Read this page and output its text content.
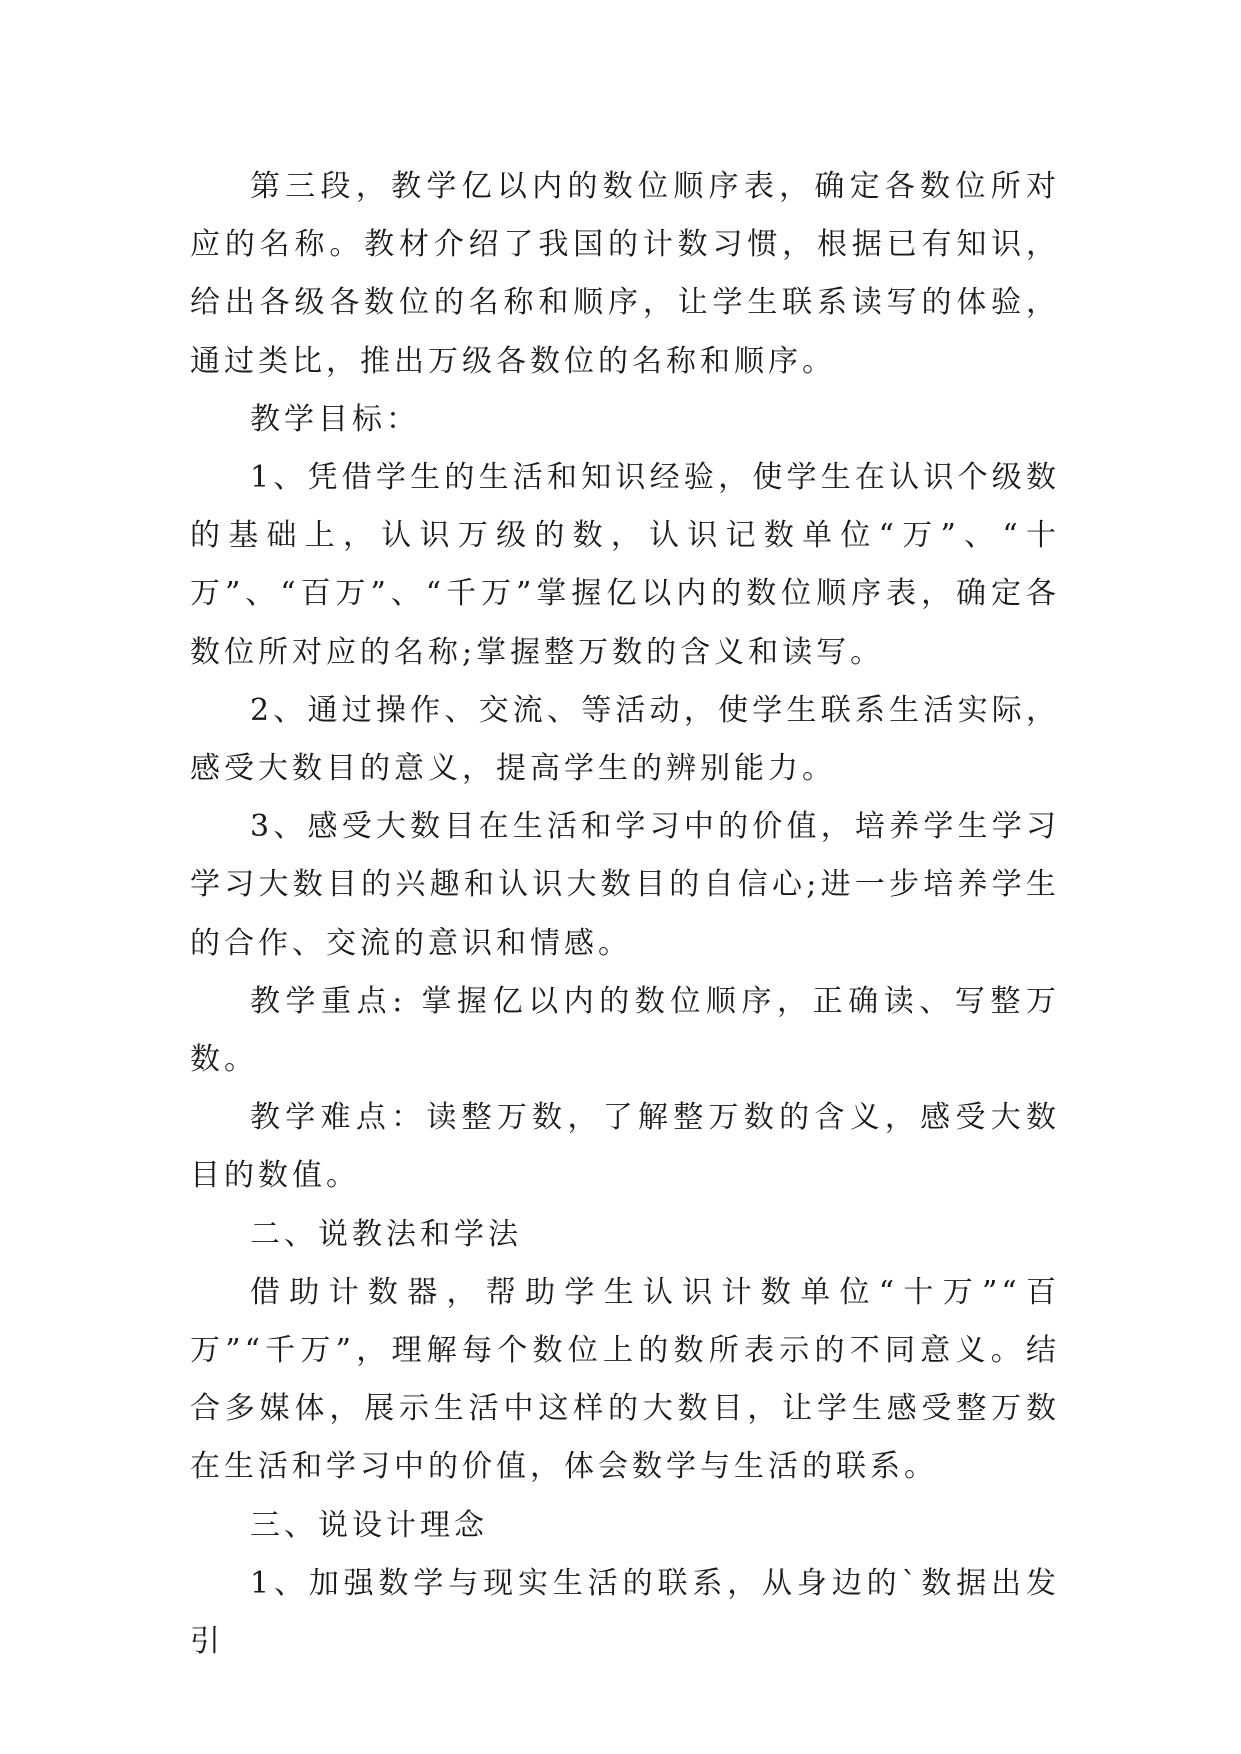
第三段，教学亿以内的数位顺序表，确定各数位所对应的名称。教材介绍了我国的计数习惯，根据已有知识，给出各级各数位的名称和顺序，让学生联系读写的体验，通过类比，推出万级各数位的名称和顺序。

教学目标：

1、凭借学生的生活和知识经验，使学生在认识个级数的基础上，认识万级的数，认识记数单位“万”、“十万”、“百万”、“千万”掌握亿以内的数位顺序表，确定各数位所对应的名称;掌握整万数的含义和读写。

2、通过操作、交流、等活动，使学生联系生活实际，感受大数目的意义，提高学生的辨别能力。

3、感受大数目在生活和学习中的价值，培养学生学习学习大数目的兴趣和认识大数目的自信心;进一步培养学生的合作、交流的意识和情感。

教学重点: 掌握亿以内的数位顺序，正确读、写整万数。

教学难点：读整万数，了解整万数的含义，感受大数目的数值。

二、说教法和学法

借助计数器，帮助学生认识计数单位“十万”“百万”“千万”，理解每个数位上的数所表示的不同意义。结合多媒体，展示生活中这样的大数目，让学生感受整万数在生活和学习中的价值，体会数学与生活的联系。

三、说设计理念

1、加强数学与现实生活的联系，从身边的`数据出发引
